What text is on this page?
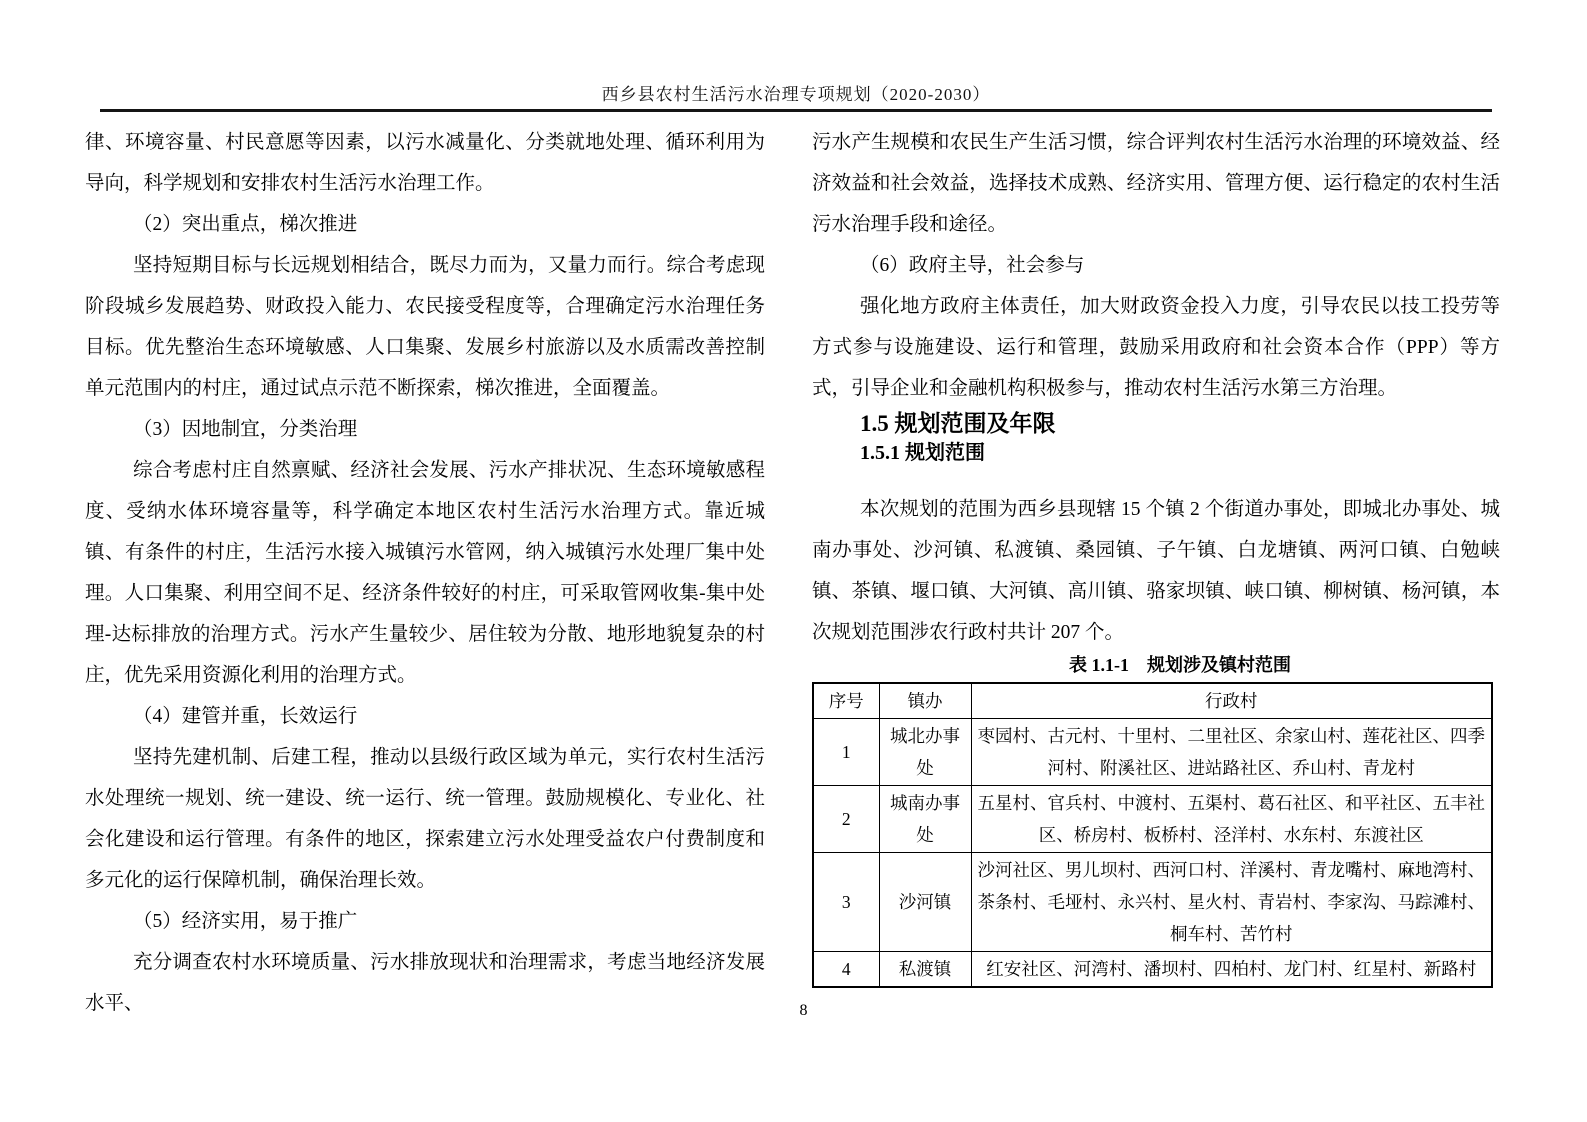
西乡县农村生活污水治理专项规划（2020-2030）

律、环境容量、村民意愿等因素，以污水减量化、分类就地处理、循环利用为导向，科学规划和安排农村生活污水治理工作。

（2）突出重点，梯次推进

坚持短期目标与长远规划相结合，既尽力而为，又量力而行。综合考虑现阶段城乡发展趋势、财政投入能力、农民接受程度等，合理确定污水治理任务目标。优先整治生态环境敏感、人口集聚、发展乡村旅游以及水质需改善控制单元范围内的村庄，通过试点示范不断探索，梯次推进，全面覆盖。

（3）因地制宜，分类治理

综合考虑村庄自然禀赋、经济社会发展、污水产排状况、生态环境敏感程度、受纳水体环境容量等，科学确定本地区农村生活污水治理方式。靠近城镇、有条件的村庄，生活污水接入城镇污水管网，纳入城镇污水处理厂集中处理。人口集聚、利用空间不足、经济条件较好的村庄，可采取管网收集-集中处理-达标排放的治理方式。污水产生量较少、居住较为分散、地形地貌复杂的村庄，优先采用资源化利用的治理方式。

（4）建管并重，长效运行

坚持先建机制、后建工程，推动以县级行政区域为单元，实行农村生活污水处理统一规划、统一建设、统一运行、统一管理。鼓励规模化、专业化、社会化建设和运行管理。有条件的地区，探索建立污水处理受益农户付费制度和多元化的运行保障机制，确保治理长效。

（5）经济实用，易于推广

充分调查农村水环境质量、污水排放现状和治理需求，考虑当地经济发展水平、

污水产生规模和农民生产生活习惯，综合评判农村生活污水治理的环境效益、经济效益和社会效益，选择技术成熟、经济实用、管理方便、运行稳定的农村生活污水治理手段和途径。

（6）政府主导，社会参与

强化地方政府主体责任，加大财政资金投入力度，引导农民以技工投劳等方式参与设施建设、运行和管理，鼓励采用政府和社会资本合作（PPP）等方式，引导企业和金融机构积极参与，推动农村生活污水第三方治理。

1.5 规划范围及年限

1.5.1 规划范围

本次规划的范围为西乡县现辖 15 个镇 2 个街道办事处，即城北办事处、城南办事处、沙河镇、私渡镇、桑园镇、子午镇、白龙塘镇、两河口镇、白勉峡镇、茶镇、堰口镇、大河镇、高川镇、骆家坝镇、峡口镇、柳树镇、杨河镇，本次规划范围涉农行政村共计 207 个。

表 1.1-1　规划涉及镇村范围

序号	镇办	行政村
1	城北办事处	枣园村、古元村、十里村、二里社区、余家山村、莲花社区、四季河村、附溪社区、进站路社区、乔山村、青龙村
2	城南办事处	五星村、官兵村、中渡村、五渠村、葛石社区、和平社区、五丰社区、桥房村、板桥村、泾洋村、水东村、东渡社区
3	沙河镇	沙河社区、男儿坝村、西河口村、洋溪村、青龙嘴村、麻地湾村、茶条村、毛垭村、永兴村、星火村、青岩村、李家沟、马踪滩村、桐车村、苦竹村
4	私渡镇	红安社区、河湾村、潘坝村、四柏村、龙门村、红星村、新路村
8
